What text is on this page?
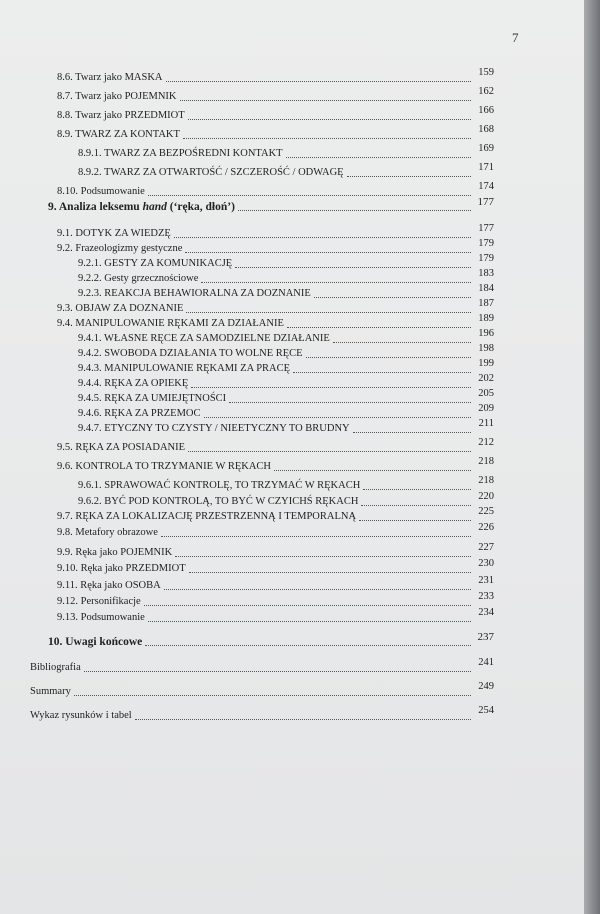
7
8.6. Twarz jako MASKA	159
8.7. Twarz jako POJEMNIK	162
8.8. Twarz jako PRZEDMIOT	166
8.9. TWARZ ZA KONTAKT	168
8.9.1. TWARZ ZA BEZPOŚREDNI KONTAKT	169
8.9.2. TWARZ ZA OTWARTOŚĆ / SZCZEROŚĆ / ODWAGĘ	171
8.10. Podsumowanie	174
9. Analiza leksemu hand (‘ręka, dłoń’)	177
9.1. DOTYK ZA WIEDZĘ	177
9.2. Frazeologizmy gestyczne	179
9.2.1. GESTY ZA KOMUNIKACJĘ	179
9.2.2. Gesty grzecznościowe	183
9.2.3. REAKCJA BEHAWIORALNA ZA DOZNANIE	184
9.3. OBJAW ZA DOZNANIE	187
9.4. MANIPULOWANIE RĘKAMI ZA DZIAŁANIE	189
9.4.1. WŁASNE RĘCE ZA SAMODZIELNE DZIAŁANIE	196
9.4.2. SWOBODA DZIAŁANIA TO WOLNE RĘCE	198
9.4.3. MANIPULOWANIE RĘKAMI ZA PRACĘ	199
9.4.4. RĘKA ZA OPIEKĘ	202
9.4.5. RĘKA ZA UMIEJĘTNOŚCI	205
9.4.6. RĘKA ZA PRZEMOC	209
9.4.7. ETYCZNY TO CZYSTY / NIEETYCZNY TO BRUDNY	211
9.5. RĘKA ZA POSIADANIE	212
9.6. KONTROLA TO TRZYMANIE W RĘKACH	218
9.6.1. SPRAWOWAĆ KONTROLĘ, TO TRZYMAĆ W RĘKACH	218
9.6.2. BYĆ POD KONTROLĄ, TO BYĆ W CZYICHŚ RĘKACH	220
9.7. RĘKA ZA LOKALIZACJĘ PRZESTRZENNĄ I TEMPORALNĄ	225
9.8. Metafory obrazowe	226
9.9. Ręka jako POJEMNIK	227
9.10. Ręka jako PRZEDMIOT	230
9.11. Ręka jako OSOBA	231
9.12. Personifikacje	233
9.13. Podsumowanie	234
10. Uwagi końcowe	237
Bibliografia	241
Summary	249
Wykaz rysunków i tabel	254
